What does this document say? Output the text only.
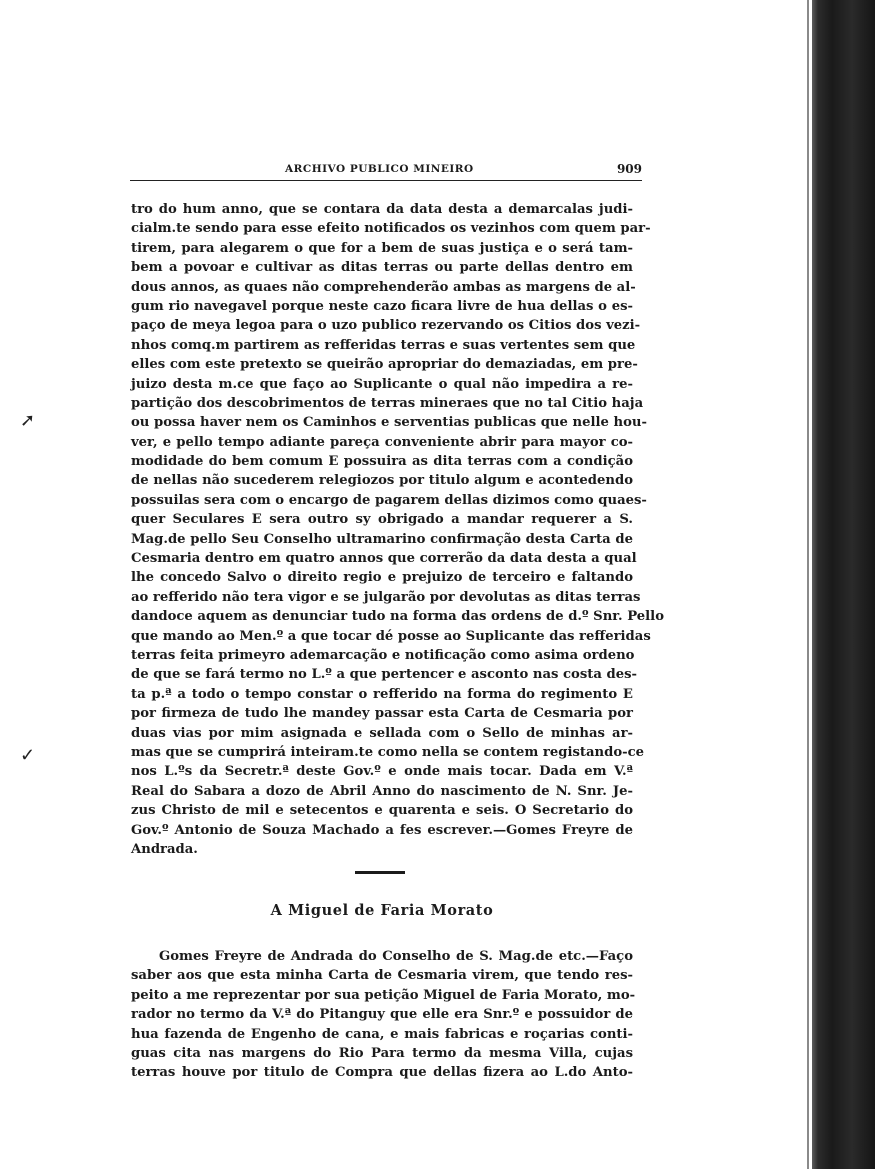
➚
✓
ARCHIVO PUBLICO MINEIRO	909
tro do hum anno, que se contarа da data desta a demarcalas judi-
cialm.te sendo para esse efeito notificados os vezinhos com quem par-
tirem, para alegarem o que for a bem de suas justiça e o será tam-
bem a povoar e cultivar as ditas terras ou parte dellas dentro em
dous annos, as quaes não comprehenderão ambas as margens de al-
gum rio navegavel porque neste cazo ficara livre de hua dellas o es-
paço de meya legoa para o uzo publico rezervando os Citios dos vezi-
nhos comq.m partirem as refferidas terras e suas vertentes sem que
elles com este pretexto se queirão apropriar do demaziadas, em pre-
juizo desta m.ce que faço ao Suplicante o qual não impedira a re-
partição dos descobrimentos de terras mineraes que no tal Citio haja
ou possa haver nem os Caminhos e serventias publicas que nelle hou-
ver, e pello tempo adiante pareça conveniente abrir para mayor co-
modidade do bem comum E possuira as dita terras com a condição
de nellas não sucederem relegiozos por titulo algum e acontedendo
possuilas sera com o encargo de pagarem dellas dizimos como quaes-
quer Seculares E sera outro sy obrigado a mandar requerer a S.
Mag.de pello Seu Conselho ultramarino confirmação desta Carta de
Cesmaria dentro em quatro annos que correrão da data desta a qual
lhe concedo Salvo o direito regio e prejuizo de terceiro e faltando
ao refferido não tera vigor e se julgarão por devolutas as ditas terras
dandoce aquem as denunciar tudo na forma das ordens de d.º Snr. Pello
que mando ao Men.º a que tocar dé posse ao Suplicante das refferidas
terras feita primeyro ademarcação e notificação como asima ordeno
de que se fará termo no L.º a que pertencer e asconto nas costa des-
ta p.ª a todo o tempo constar o refferido na forma do regimento E
por firmeza de tudo lhe mandey passar esta Carta de Cesmaria por
duas vias por mim asignada e sellada com o Sello de minhas ar-
mas que se cumprirá inteiram.te como nella se contem registando-ce
nos L.ºs da Secretr.ª deste Gov.º e onde mais tocar. Dada em V.ª
Real do Sabara a dozo de Abril Anno do nascimento de N. Snr. Je-
zus Christo de mil e setecentos e quarenta e seis. O Secretario do
Gov.º Antonio de Souza Machado a fes escrever.—Gomes Freyre de
Andrada.
A Miguel de Faria Morato
Gomes Freyre de Andrada do Conselho de S. Mag.de etc.—Faço
saber aos que esta minha Carta de Cesmaria virem, que tendo res-
peito a me reprezentar por sua petição Miguel de Faria Morato, mo-
rador no termo da V.ª do Pitanguy que elle era Snr.º e possuidor de
hua fazenda de Engenho de cana, e mais fabricas e roçarias conti-
guas cita nas margens do Rio Para termo da mesma Villa, cujas
terras houve por titulo de Compra que dellas fizera ao L.do Anto-
